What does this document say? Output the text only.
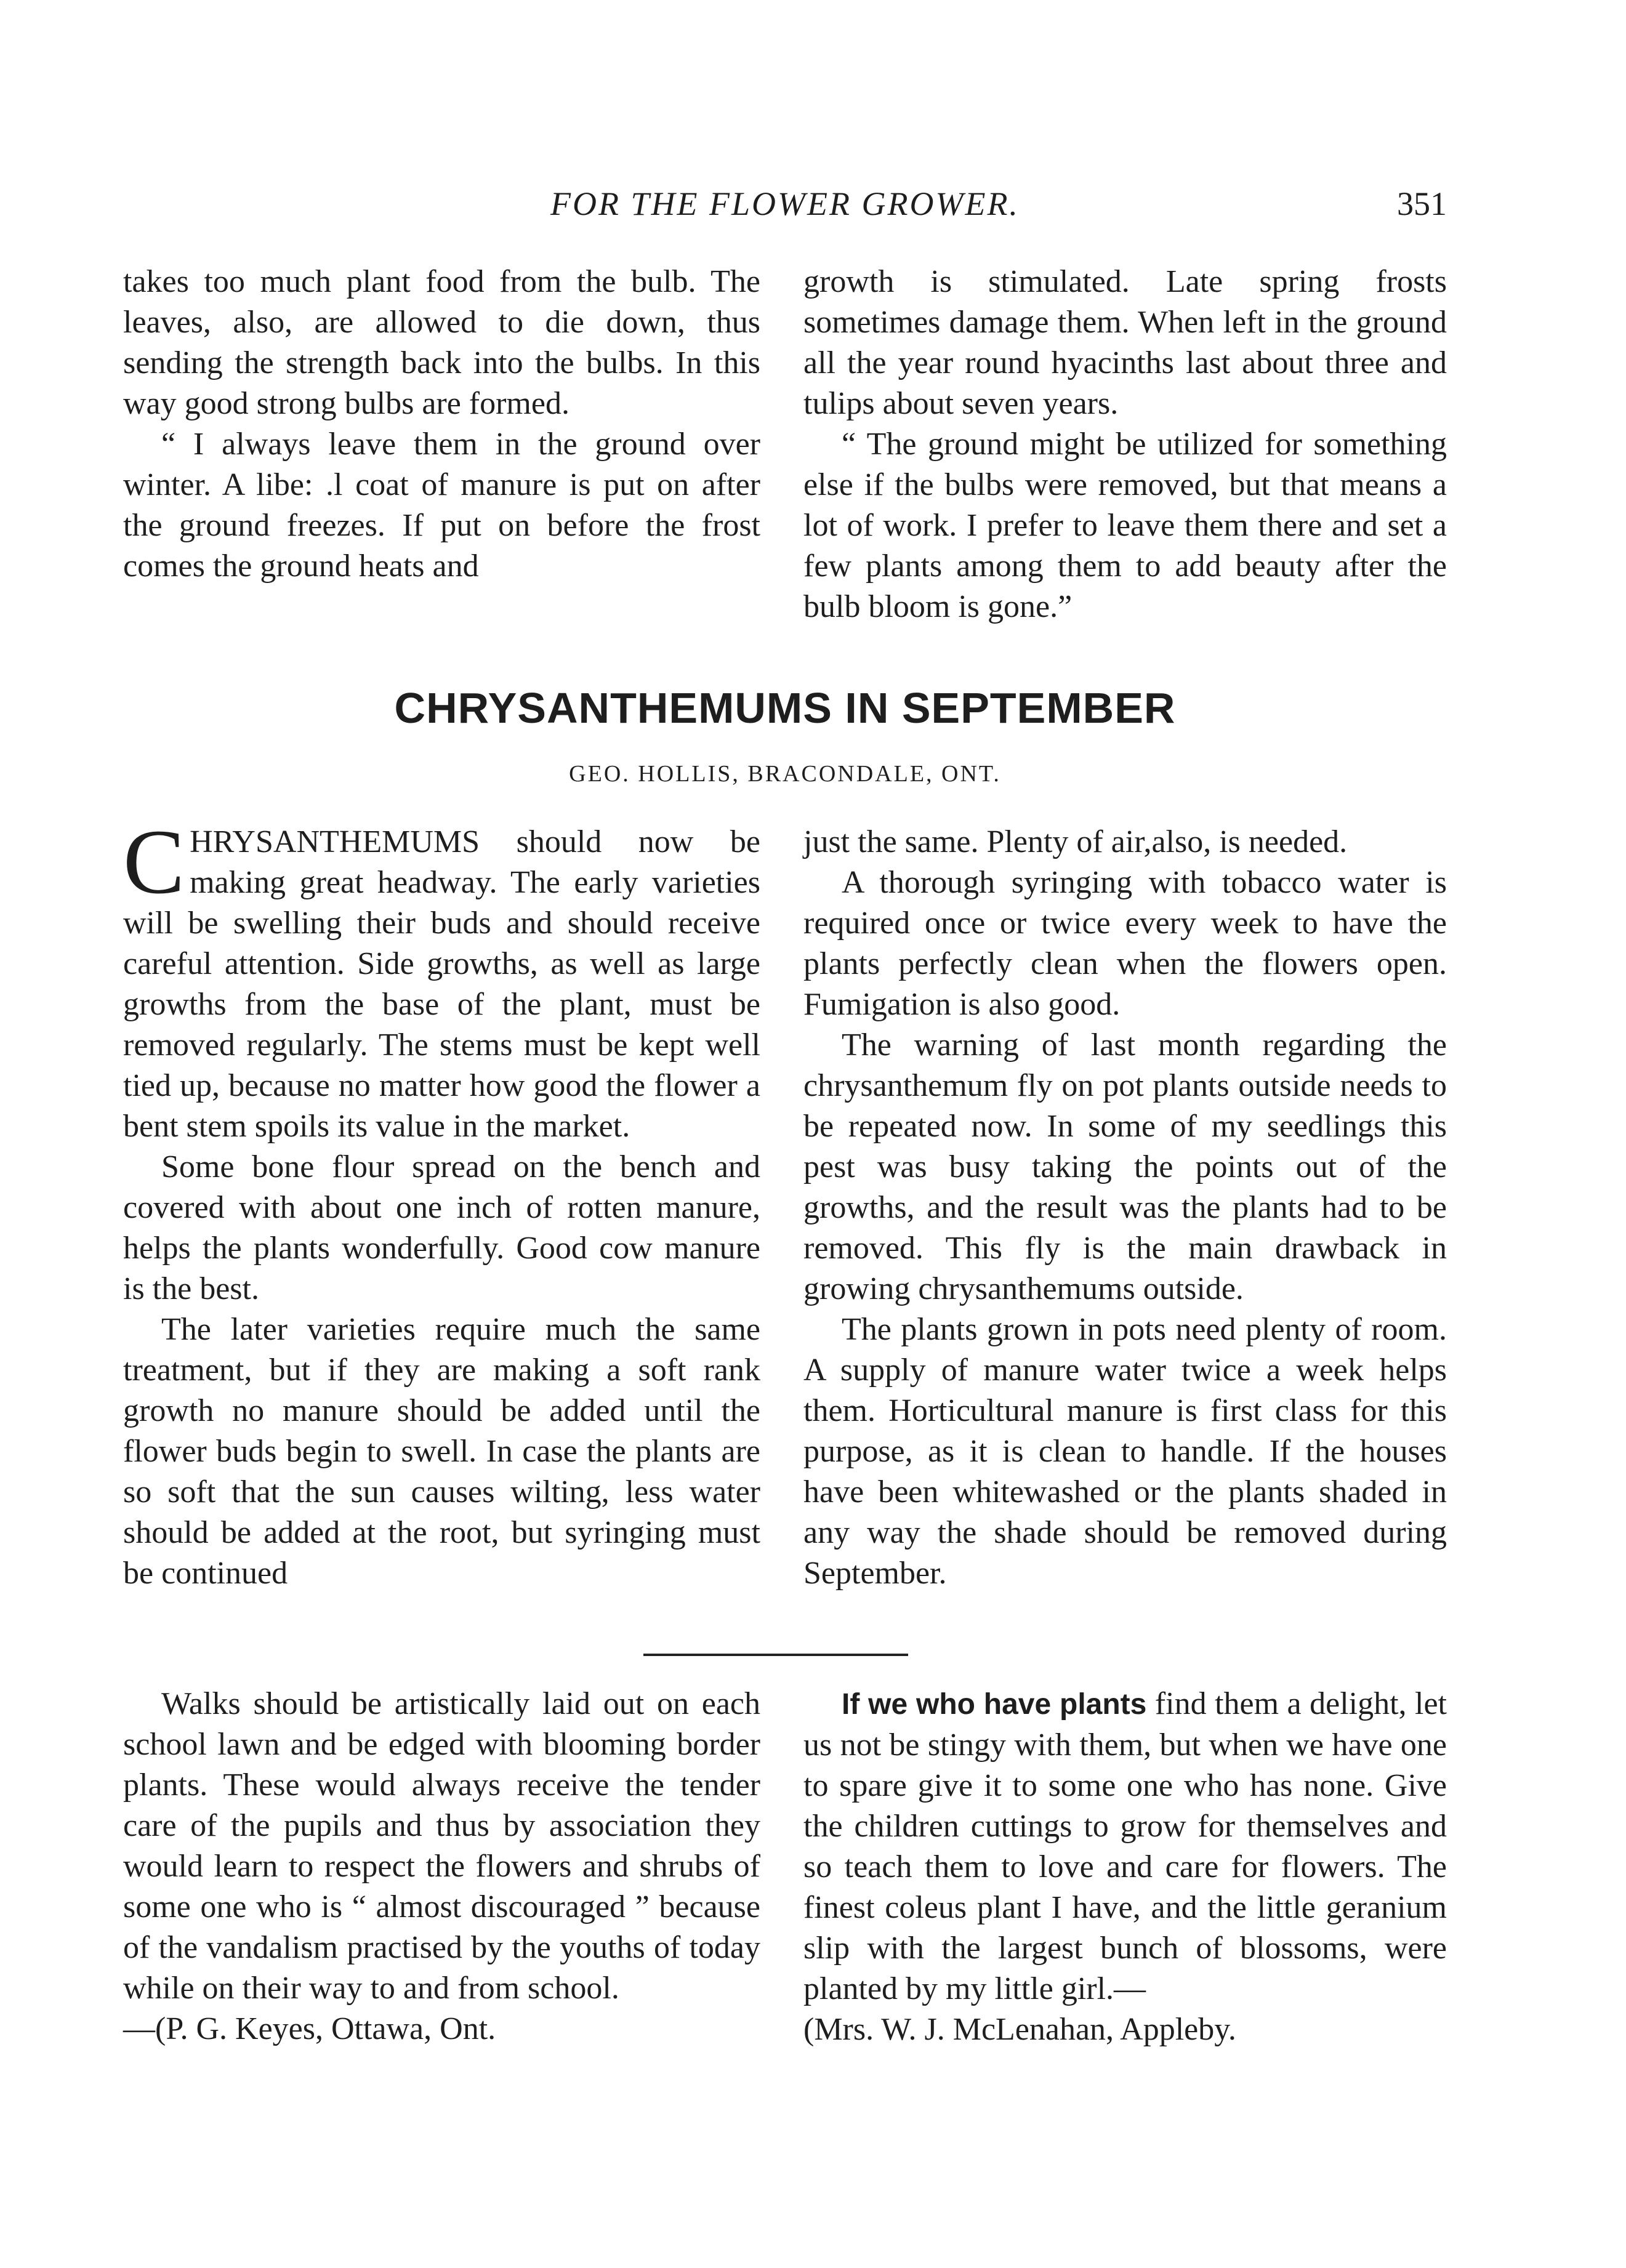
FOR THE FLOWER GROWER.	351

takes too much plant food from the bulb. The leaves, also, are allowed to die down, thus sending the strength back into the bulbs. In this way good strong bulbs are formed.

“ I always leave them in the ground over winter. A libe: .l coat of manure is put on after the ground freezes. If put on before the frost comes the ground heats and

growth is stimulated. Late spring frosts sometimes damage them. When left in the ground all the year round hyacinths last about three and tulips about seven years.

“ The ground might be utilized for something else if the bulbs were removed, but that means a lot of work. I prefer to leave them there and set a few plants among them to add beauty after the bulb bloom is gone.”

CHRYSANTHEMUMS IN SEPTEMBER
GEO. HOLLIS, BRACONDALE, ONT.

CHRYSANTHEMUMS should now be making great headway. The early varieties will be swelling their buds and should receive careful attention. Side growths, as well as large growths from the base of the plant, must be removed regularly. The stems must be kept well tied up, because no matter how good the flower a bent stem spoils its value in the market.

Some bone flour spread on the bench and covered with about one inch of rotten manure, helps the plants wonderfully. Good cow manure is the best.

The later varieties require much the same treatment, but if they are making a soft rank growth no manure should be added until the flower buds begin to swell. In case the plants are so soft that the sun causes wilting, less water should be added at the root, but syringing must be continued

just the same. Plenty of air,also, is needed.

A thorough syringing with tobacco water is required once or twice every week to have the plants perfectly clean when the flowers open. Fumigation is also good.

The warning of last month regarding the chrysanthemum fly on pot plants outside needs to be repeated now. In some of my seedlings this pest was busy taking the points out of the growths, and the result was the plants had to be removed. This fly is the main drawback in growing chrysanthemums outside.

The plants grown in pots need plenty of room. A supply of manure water twice a week helps them. Horticultural manure is first class for this purpose, as it is clean to handle. If the houses have been whitewashed or the plants shaded in any way the shade should be removed during September.

Walks should be artistically laid out on each school lawn and be edged with blooming border plants. These would always receive the tender care of the pupils and thus by association they would learn to respect the flowers and shrubs of some one who is “ almost discouraged ” because of the vandalism practised by the youths of today while on their way to and from school.

—(P. G. Keyes, Ottawa, Ont.

If we who have plants find them a delight, let us not be stingy with them, but when we have one to spare give it to some one who has none. Give the children cuttings to grow for themselves and so teach them to love and care for flowers. The finest coleus plant I have, and the little geranium slip with the largest bunch of blossoms, were planted by my little girl.—

(Mrs. W. J. McLenahan, Appleby.
